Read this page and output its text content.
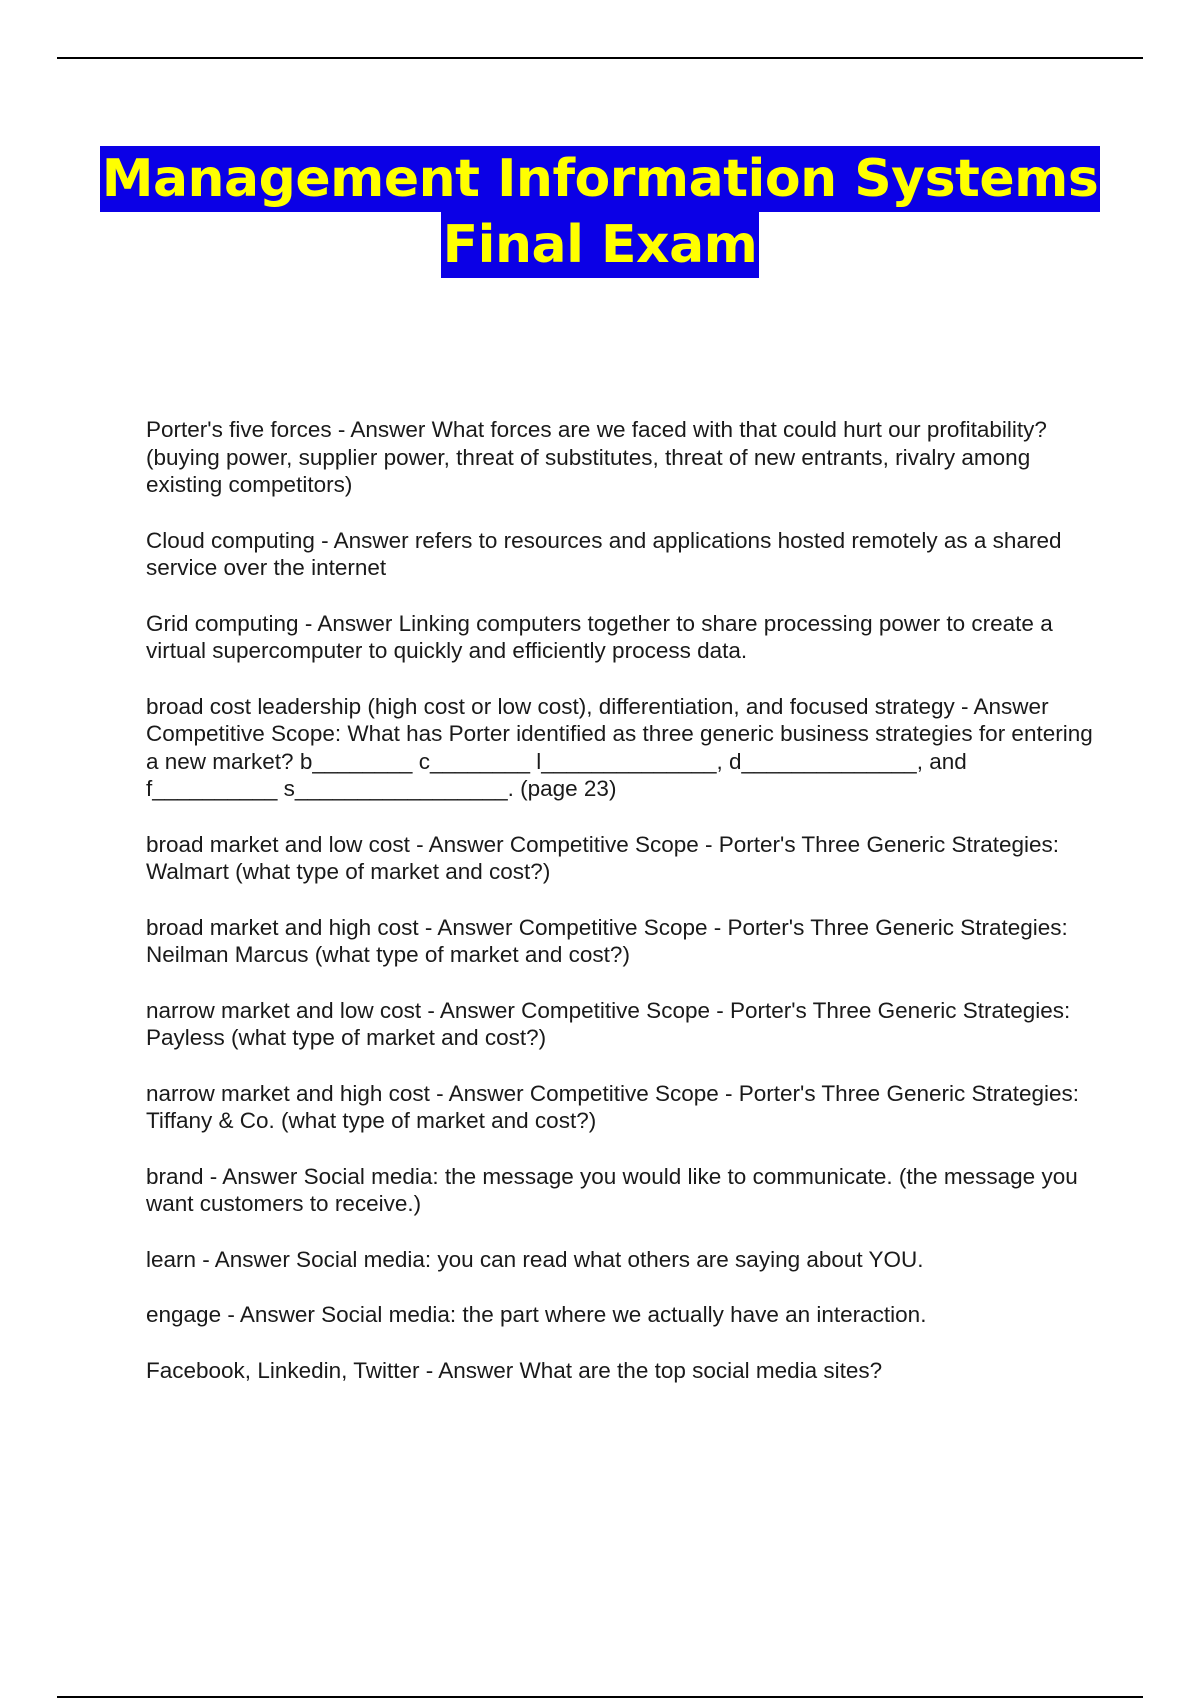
Management Information Systems
Final Exam

Porter's five forces - Answer What forces are we faced with that could hurt our profitability? (buying power, supplier power, threat of substitutes, threat of new entrants, rivalry among existing competitors)

Cloud computing - Answer refers to resources and applications hosted remotely as a shared service over the internet

Grid computing - Answer Linking computers together to share processing power to create a virtual supercomputer to quickly and efficiently process data.

broad cost leadership (high cost or low cost), differentiation, and focused strategy - Answer Competitive Scope: What has Porter identified as three generic business strategies for entering a new market? b________ c________ l______________, d______________, and f__________ s_________________. (page 23)

broad market and low cost - Answer Competitive Scope - Porter's Three Generic Strategies: Walmart (what type of market and cost?)

broad market and high cost - Answer Competitive Scope - Porter's Three Generic Strategies: Neilman Marcus (what type of market and cost?)

narrow market and low cost - Answer Competitive Scope - Porter's Three Generic Strategies: Payless (what type of market and cost?)

narrow market and high cost - Answer Competitive Scope - Porter's Three Generic Strategies: Tiffany & Co. (what type of market and cost?)

brand - Answer Social media: the message you would like to communicate. (the message you want customers to receive.)

learn - Answer Social media: you can read what others are saying about YOU.

engage - Answer Social media: the part where we actually have an interaction.

Facebook, Linkedin, Twitter - Answer What are the top social media sites?
